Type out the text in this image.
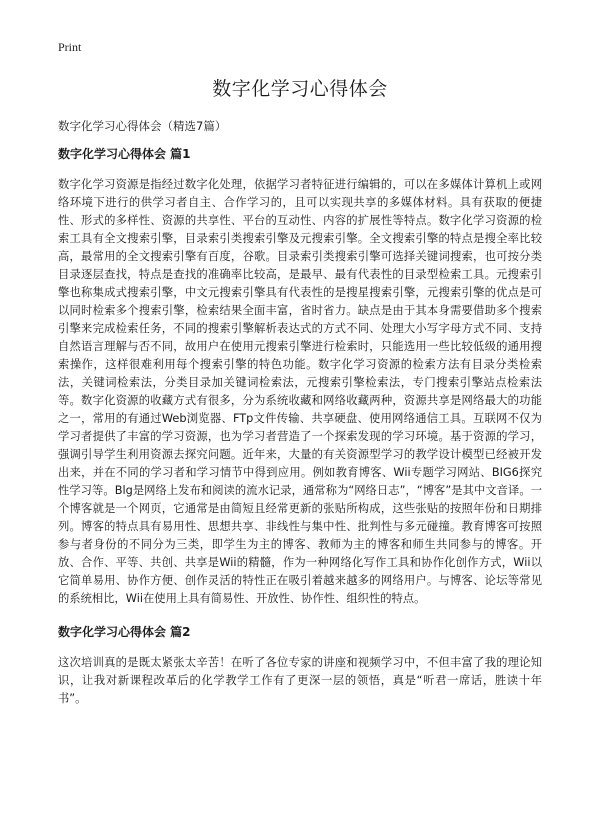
Print
数字化学习心得体会

数字化学习心得体会（精选7篇）

数字化学习心得体会 篇1

数字化学习资源是指经过数字化处理，依据学习者特征进行编辑的，可以在多媒体计算机上或网络环境下进行的供学习者自主、合作学习的，且可以实现共享的多媒体材料。具有获取的便捷性、形式的多样性、资源的共享性、平台的互动性、内容的扩展性等特点。数字化学习资源的检索工具有全文搜索引擎，目录索引类搜索引擎及元搜索引擎。全文搜索引擎的特点是搜全率比较高，最常用的全文搜索引擎有百度，谷歌。目录索引类搜索引擎可选择关键词搜索，也可按分类目录逐层查找，特点是查找的准确率比较高，是最早、最有代表性的目录型检索工具。元搜索引擎也称集成式搜索引擎，中文元搜索引擎具有代表性的是搜星搜索引擎，元搜索引擎的优点是可以同时检索多个搜索引擎，检索结果全面丰富，省时省力。缺点是由于其本身需要借助多个搜索引擎来完成检索任务，不同的搜索引擎解析表达式的方式不同、处理大小写字母方式不同、支持自然语言理解与否不同，故用户在使用元搜索引擎进行检索时，只能选用一些比较低级的通用搜索操作，这样很难利用每个搜索引擎的特色功能。数字化学习资源的检索方法有目录分类检索法，关键词检索法，分类目录加关键词检索法，元搜索引擎检索法，专门搜索引擎站点检索法等。数字化资源的收藏方式有很多，分为系统收藏和网络收藏两种，资源共享是网络最大的功能之一，常用的有通过Web浏览器、FTp文件传输、共享硬盘、使用网络通信工具。互联网不仅为学习者提供了丰富的学习资源，也为学习者营造了一个探索发现的学习环境。基于资源的学习，强调引导学生利用资源去探究问题。近年来，大量的有关资源型学习的教学设计模型已经被开发出来，并在不同的学习者和学习情节中得到应用。例如教育博客、Wii专题学习网站、BIG6探究性学习等。Blg是网络上发布和阅读的流水记录，通常称为“网络日志”，“博客”是其中文音译。一个博客就是一个网页，它通常是由简短且经常更新的张贴所构成，这些张贴的按照年份和日期排列。博客的特点具有易用性、思想共享、非线性与集中性、批判性与多元碰撞。教育博客可按照参与者身份的不同分为三类，即学生为主的博客、教师为主的博客和师生共同参与的博客。开放、合作、平等、共创、共享是Wii的精髓，作为一种网络化写作工具和协作化创作方式，Wii以它简单易用、协作方便、创作灵活的特性正在吸引着越来越多的网络用户。与博客、论坛等常见的系统相比，Wii在使用上具有简易性、开放性、协作性、组织性的特点。

数字化学习心得体会 篇2

这次培训真的是既太紧张太辛苦！在听了各位专家的讲座和视频学习中，不但丰富了我的理论知识，让我对新课程改革后的化学教学工作有了更深一层的领悟，真是“听君一席话，胜读十年书”。
